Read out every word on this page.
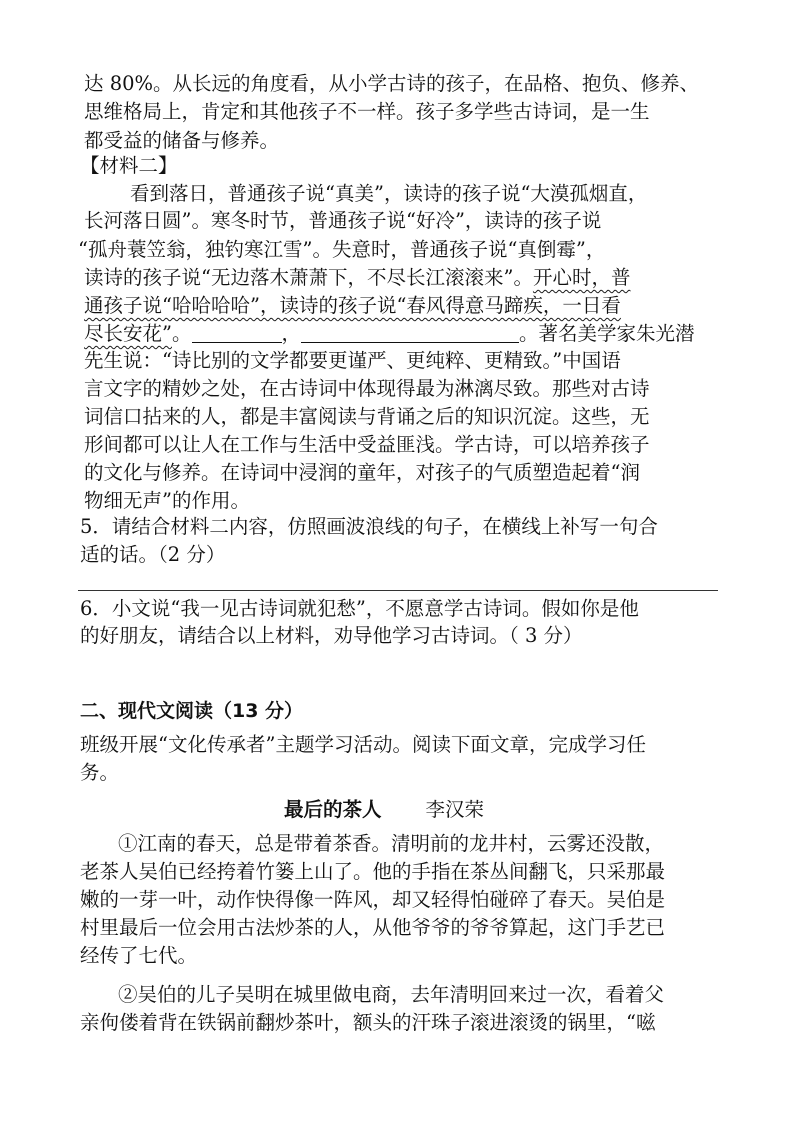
达 80%。从长远的角度看，从小学古诗的孩子，在品格、抱负、修养、
思维格局上，肯定和其他孩子不一样。孩子多学些古诗词，是一生
都受益的储备与修养。
【材料二】
看到落日，普通孩子说“真美”，读诗的孩子说“大漠孤烟直，
长河落日圆”。寒冬时节，普通孩子说“好冷”，读诗的孩子说
“孤舟蓑笠翁，独钓寒江雪”。失意时，普通孩子说“真倒霉”，
读诗的孩子说“无边落木萧萧下，不尽长江滚滚来”。开心时，普
通孩子说“哈哈哈哈”，读诗的孩子说“春风得意马蹄疾，一日看
尽长安花”。	，	。著名美学家朱光潜
先生说：“诗比别的文学都要更谨严、更纯粹、更精致。”中国语
言文字的精妙之处，在古诗词中体现得最为淋漓尽致。那些对古诗
词信口拈来的人，都是丰富阅读与背诵之后的知识沉淀。这些，无
形间都可以让人在工作与生活中受益匪浅。学古诗，可以培养孩子
的文化与修养。在诗词中浸润的童年，对孩子的气质塑造起着“润
物细无声”的作用。
5．请结合材料二内容，仿照画波浪线的句子，在横线上补写一句合
适的话。（2 分）
6．小文说“我一见古诗词就犯愁”，不愿意学古诗词。假如你是他
的好朋友，请结合以上材料，劝导他学习古诗词。（ 3 分）
二、现代文阅读（13 分）
班级开展“文化传承者”主题学习活动。阅读下面文章，完成学习任
务。
最后的茶人 李汉荣
①江南的春天，总是带着茶香。清明前的龙井村，云雾还没散，
老茶人吴伯已经挎着竹篓上山了。他的手指在茶丛间翻飞，只采那最
嫩的一芽一叶，动作快得像一阵风，却又轻得怕碰碎了春天。吴伯是
村里最后一位会用古法炒茶的人，从他爷爷的爷爷算起，这门手艺已
经传了七代。
②吴伯的儿子吴明在城里做电商，去年清明回来过一次，看着父
亲佝偻着背在铁锅前翻炒茶叶，额头的汗珠子滚进滚烫的锅里，“嗞
